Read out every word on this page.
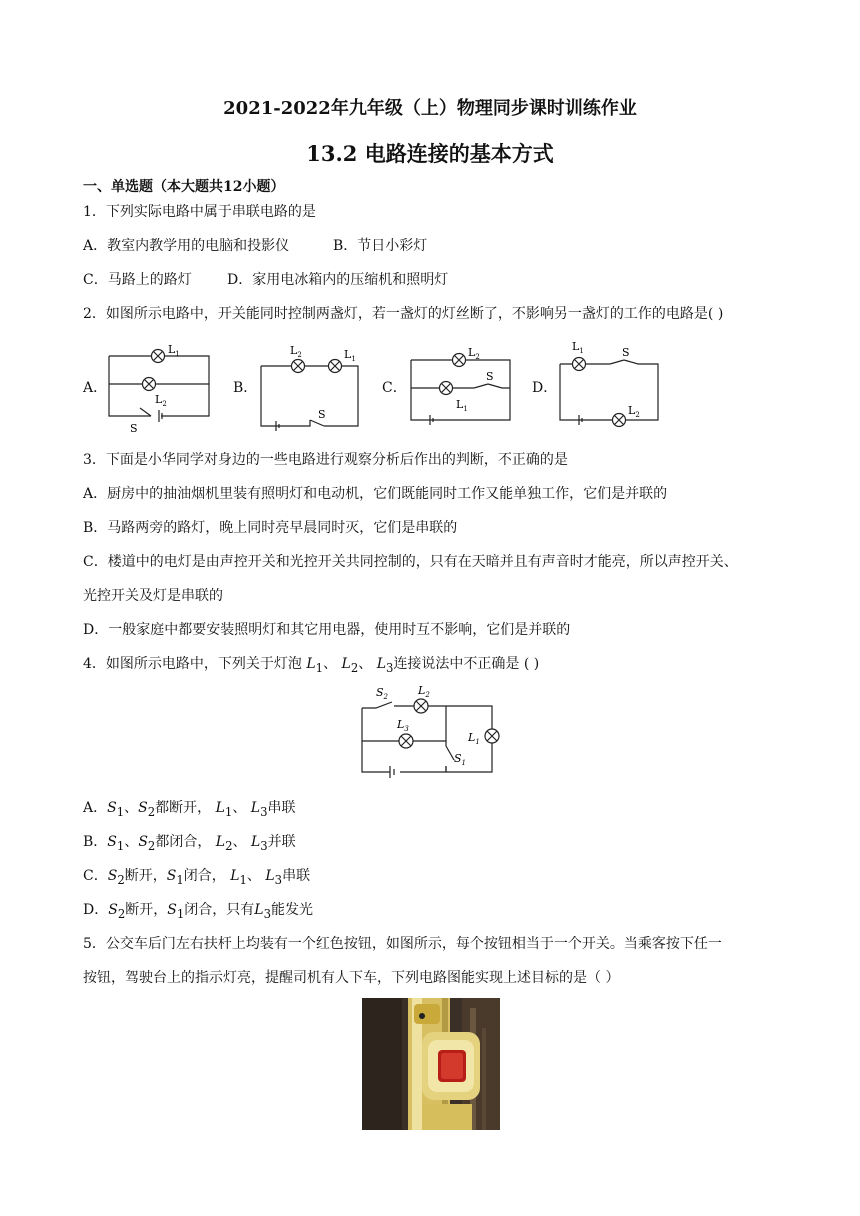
2021-2022年九年级（上）物理同步课时训练作业
13.2 电路连接的基本方式
一、单选题（本大题共12小题）
1．下列实际电路中属于串联电路的是
A．教室内教学用的电脑和投影仪	B．节日小彩灯
C．马路上的路灯	D．家用电冰箱内的压缩机和照明灯
2．如图所示电路中，开关能同时控制两盏灯，若一盏灯的灯丝断了，不影响另一盏灯的工作的电路是( )
A．	B．	C．	D．
$L_1$
$L_2$
S
$L_2$	$L_1$
S
$L_2$
$L_1$
S
$L_1$	S
$L_2$
3．下面是小华同学对身边的一些电路进行观察分析后作出的判断，不正确的是
A．厨房中的抽油烟机里装有照明灯和电动机，它们既能同时工作又能单独工作，它们是并联的
B．马路两旁的路灯，晚上同时亮早晨同时灭，它们是串联的
C．楼道中的电灯是由声控开关和光控开关共同控制的，只有在天暗并且有声音时才能亮，所以声控开关、
光控开关及灯是串联的
D．一般家庭中都要安装照明灯和其它用电器，使用时互不影响，它们是并联的
4．如图所示电路中，下列关于灯泡 $L_1$、 $L_2$、 $L_3$连接说法中不正确是 ( )
$S_2$	$L_2$
$L_3$
$L_1$
$S_1$
A．$S_1$、$S_2$都断开， $L_1$、 $L_3$串联
B．$S_1$、$S_2$都闭合， $L_2$、 $L_3$并联
C．$S_2$断开，$S_1$闭合， $L_1$、 $L_3$串联
D．$S_2$断开，$S_1$闭合，只有$L_3$能发光
5．公交车后门左右扶杆上均装有一个红色按钮，如图所示，每个按钮相当于一个开关。当乘客按下任一
按钮，驾驶台上的指示灯亮，提醒司机有人下车，下列电路图能实现上述目标的是（ ）
